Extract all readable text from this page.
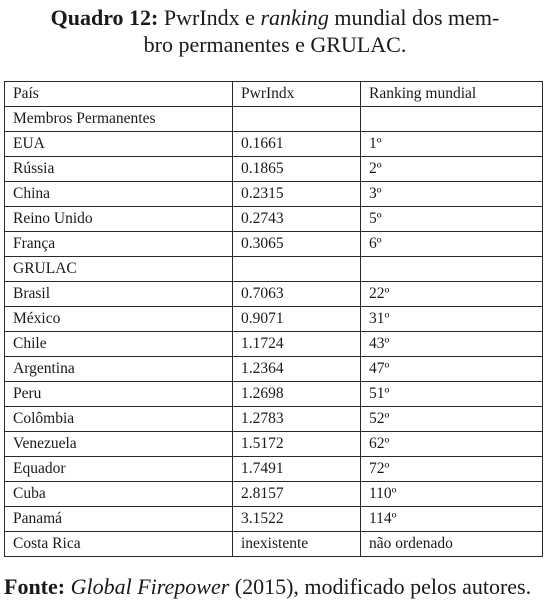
Quadro 12: PwrIndx e ranking mundial dos mem-
bro permanentes e GRULAC.
País	PwrIndx	Ranking mundial
Membros Permanentes		
EUA	0.1661	1º
Rússia	0.1865	2º
China	0.2315	3º
Reino Unido	0.2743	5º
França	0.3065	6º
GRULAC		
Brasil	0.7063	22º
México	0.9071	31º
Chile	1.1724	43º
Argentina	1.2364	47º
Peru	1.2698	51º
Colômbia	1.2783	52º
Venezuela	1.5172	62º
Equador	1.7491	72º
Cuba	2.8157	110º
Panamá	3.1522	114º
Costa Rica	inexistente	não ordenado
Fonte: Global Firepower (2015), modificado pelos autores.
